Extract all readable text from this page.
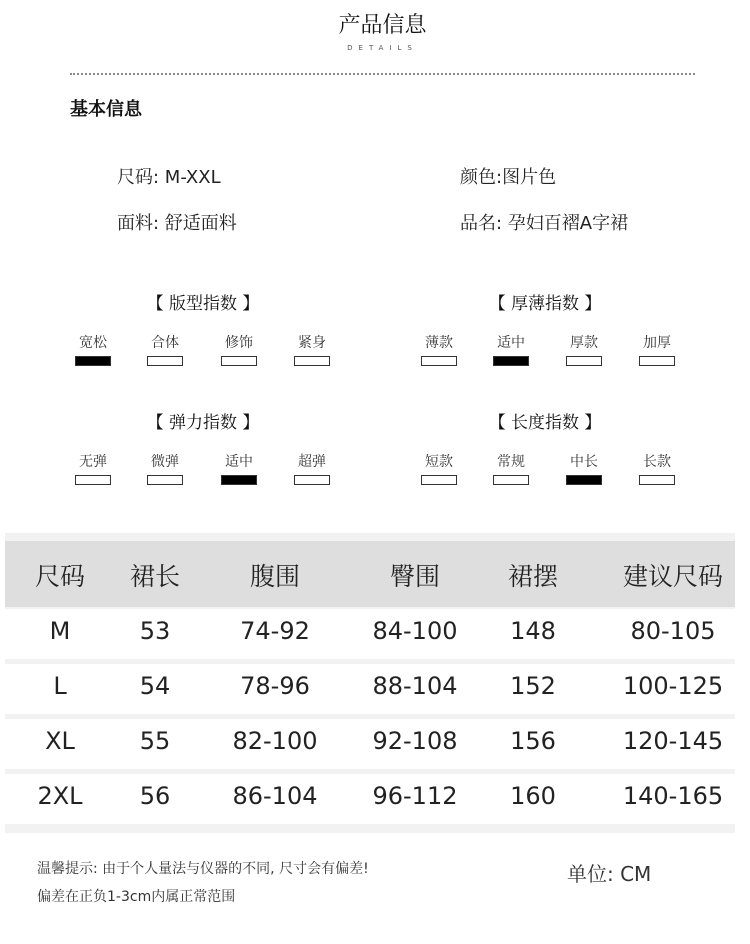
产品信息
DETAILS
基本信息
尺码: M-XXL	颜色:图片色
面料: 舒适面料	品名: 孕妇百褶A字裙
【 版型指数 】
宽松	合体	修饰	紧身
【 厚薄指数 】
薄款	适中	厚款	加厚
【 弹力指数 】
无弹	微弹	适中	超弹
【 长度指数 】
短款	常规	中长	长款
尺码	裙长	腹围	臀围	裙摆	建议尺码
M	53	74-92	84-100	148	80-105
L	54	78-96	88-104	152	100-125
XL	55	82-100	92-108	156	120-145
2XL	56	86-104	96-112	160	140-165
温馨提示: 由于个人量法与仪器的不同, 尺寸会有偏差!
偏差在正负1-3cm内属正常范围
单位: CM
